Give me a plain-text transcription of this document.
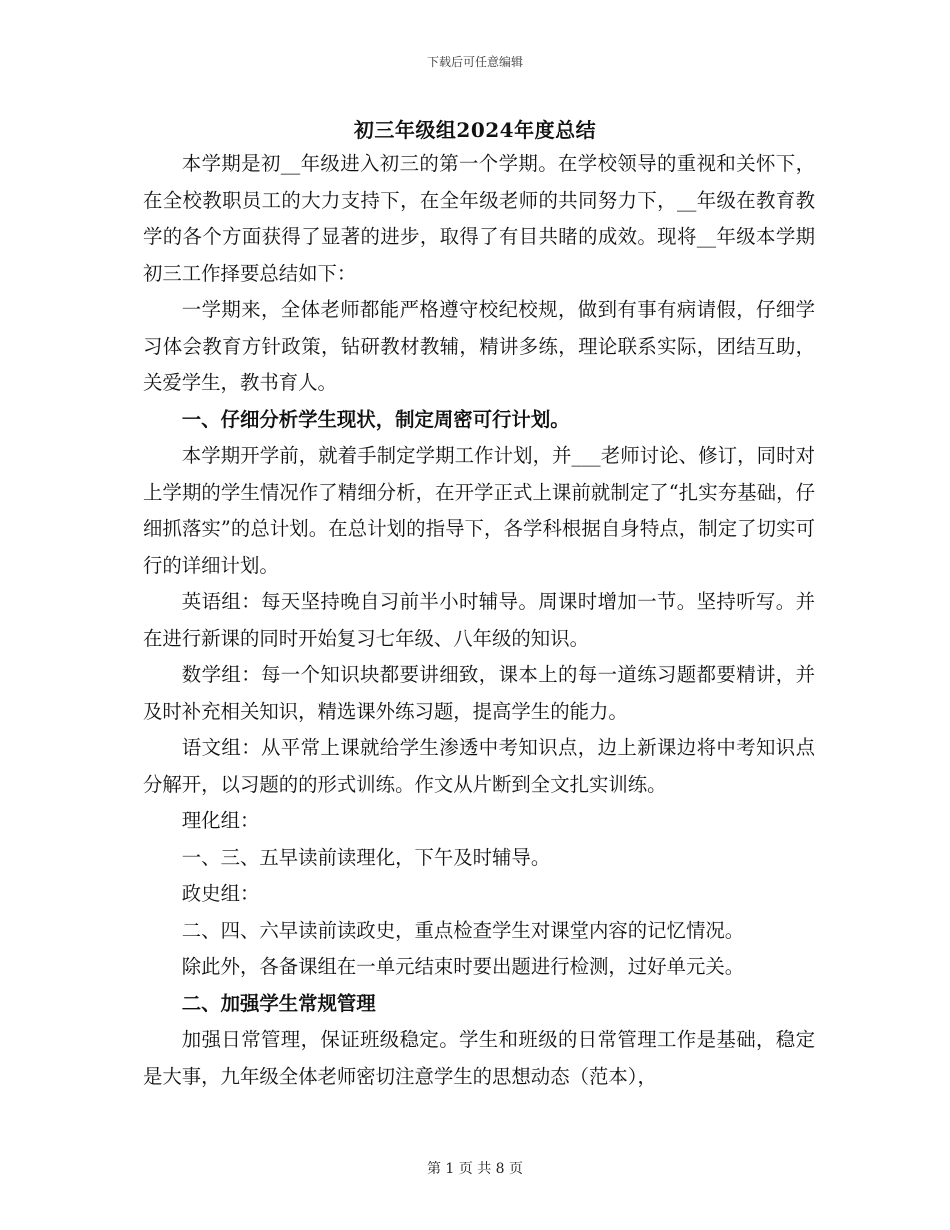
下载后可任意编辑
初三年级组2024年度总结

本学期是初__年级进入初三的第一个学期。在学校领导的重视和关怀下，在全校教职员工的大力支持下，在全年级老师的共同努力下，__年级在教育教学的各个方面获得了显著的进步，取得了有目共睹的成效。现将__年级本学期初三工作择要总结如下：

一学期来，全体老师都能严格遵守校纪校规，做到有事有病请假，仔细学习体会教育方针政策，钻研教材教辅，精讲多练，理论联系实际，团结互助，关爱学生，教书育人。

一、仔细分析学生现状，制定周密可行计划。

本学期开学前，就着手制定学期工作计划，并___老师讨论、修订，同时对上学期的学生情况作了精细分析，在开学正式上课前就制定了“扎实夯基础，仔细抓落实”的总计划。在总计划的指导下，各学科根据自身特点，制定了切实可行的详细计划。

英语组：每天坚持晚自习前半小时辅导。周课时增加一节。坚持听写。并在进行新课的同时开始复习七年级、八年级的知识。

数学组：每一个知识块都要讲细致，课本上的每一道练习题都要精讲，并及时补充相关知识，精选课外练习题，提高学生的能力。

语文组：从平常上课就给学生渗透中考知识点，边上新课边将中考知识点分解开，以习题的的形式训练。作文从片断到全文扎实训练。

理化组：

一、三、五早读前读理化，下午及时辅导。

政史组：

二、四、六早读前读政史，重点检查学生对课堂内容的记忆情况。

除此外，各备课组在一单元结束时要出题进行检测，过好单元关。

二、加强学生常规管理

加强日常管理，保证班级稳定。学生和班级的日常管理工作是基础，稳定是大事，九年级全体老师密切注意学生的思想动态（范本），

第 1 页 共 8 页
